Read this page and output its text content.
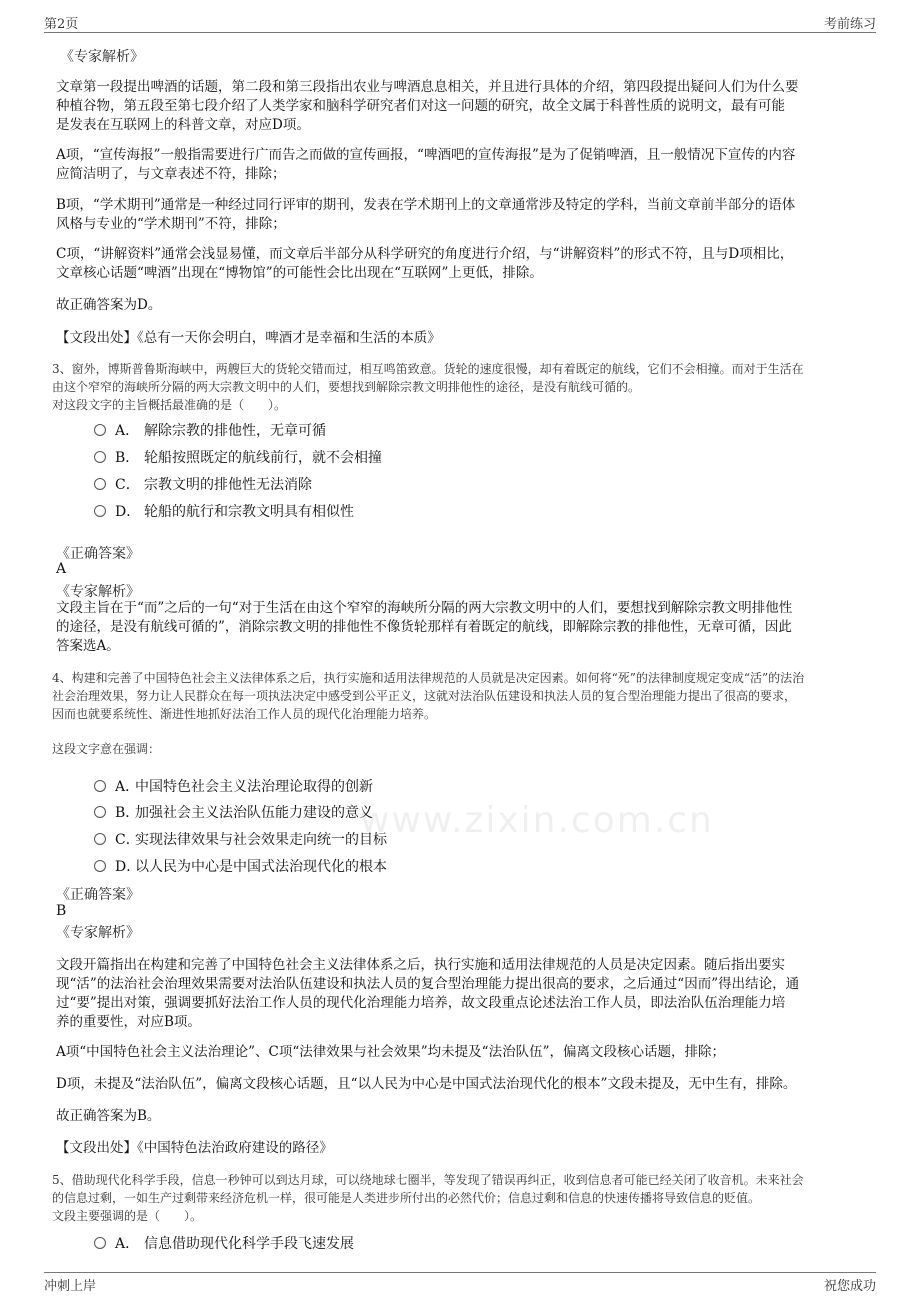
第2页	考前练习
www.zixin.com.cn
《专家解析》
文章第一段提出啤酒的话题，第二段和第三段指出农业与啤酒息息相关，并且进行具体的介绍，第四段提出疑问人们为什么要
种植谷物，第五段至第七段介绍了人类学家和脑科学研究者们对这一问题的研究，故全文属于科普性质的说明文，最有可能
是发表在互联网上的科普文章，对应D项。
A项，“宣传海报”一般指需要进行广而告之而做的宣传画报，“啤酒吧的宣传海报”是为了促销啤酒，且一般情况下宣传的内容
应简洁明了，与文章表述不符，排除；
B项，“学术期刊”通常是一种经过同行评审的期刊，发表在学术期刊上的文章通常涉及特定的学科，当前文章前半部分的语体
风格与专业的“学术期刊”不符，排除；
C项，“讲解资料”通常会浅显易懂，而文章后半部分从科学研究的角度进行介绍，与“讲解资料”的形式不符，且与D项相比，
文章核心话题“啤酒”出现在“博物馆”的可能性会比出现在“互联网”上更低，排除。
故正确答案为D。
【文段出处】《总有一天你会明白，啤酒才是幸福和生活的本质》
3、窗外，博斯普鲁斯海峡中，两艘巨大的货轮交错而过，相互鸣笛致意。货轮的速度很慢，却有着既定的航线，它们不会相撞。而对于生活在
由这个窄窄的海峡所分隔的两大宗教文明中的人们，要想找到解除宗教文明排他性的途径，是没有航线可循的。
对这段文字的主旨概括最准确的是（　　）。
A． 解除宗教的排他性，无章可循
B． 轮船按照既定的航线前行，就不会相撞
C． 宗教文明的排他性无法消除
D． 轮船的航行和宗教文明具有相似性
《正确答案》
A
《专家解析》
文段主旨在于“而”之后的一句“对于生活在由这个窄窄的海峡所分隔的两大宗教文明中的人们，要想找到解除宗教文明排他性
的途径，是没有航线可循的”，消除宗教文明的排他性不像货轮那样有着既定的航线，即解除宗教的排他性，无章可循，因此
答案选A。
4、构建和完善了中国特色社会主义法律体系之后，执行实施和适用法律规范的人员就是决定因素。如何将“死”的法律制度规定变成“活”的法治
社会治理效果，努力让人民群众在每一项执法决定中感受到公平正义，这就对法治队伍建设和执法人员的复合型治理能力提出了很高的要求，
因而也就要系统性、渐进性地抓好法治工作人员的现代化治理能力培养。
这段文字意在强调：
A．中国特色社会主义法治理论取得的创新
B．加强社会主义法治队伍能力建设的意义
C．实现法律效果与社会效果走向统一的目标
D．以人民为中心是中国式法治现代化的根本
《正确答案》
B
《专家解析》
文段开篇指出在构建和完善了中国特色社会主义法律体系之后，执行实施和适用法律规范的人员是决定因素。随后指出要实
现“活”的法治社会治理效果需要对法治队伍建设和执法人员的复合型治理能力提出很高的要求，之后通过“因而”得出结论，通
过“要”提出对策，强调要抓好法治工作人员的现代化治理能力培养，故文段重点论述法治工作人员，即法治队伍治理能力培
养的重要性，对应B项。
A项“中国特色社会主义法治理论”、C项“法律效果与社会效果”均未提及“法治队伍”，偏离文段核心话题，排除；
D项，未提及“法治队伍”，偏离文段核心话题，且“以人民为中心是中国式法治现代化的根本”文段未提及，无中生有，排除。
故正确答案为B。
【文段出处】《中国特色法治政府建设的路径》
5、借助现代化科学手段，信息一秒钟可以到达月球，可以绕地球七圈半，等发现了错误再纠正，收到信息者可能已经关闭了收音机。未来社会
的信息过剩，一如生产过剩带来经济危机一样，很可能是人类进步所付出的必然代价；信息过剩和信息的快速传播将导致信息的贬值。
文段主要强调的是（　　）。
A． 信息借助现代化科学手段飞速发展
冲刺上岸	祝您成功
